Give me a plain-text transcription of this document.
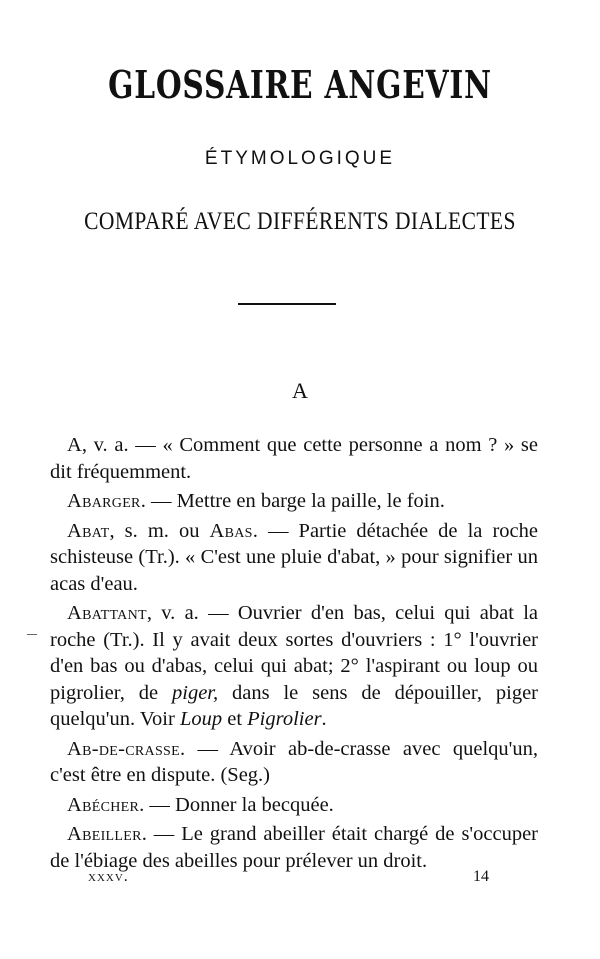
GLOSSAIRE ANGEVIN
ÉTYMOLOGIQUE
COMPARÉ AVEC DIFFÉRENTS DIALECTES
A

A, v. a. — « Comment que cette personne a nom ? » se dit fréquemment.

Abarger. — Mettre en barge la paille, le foin.

Abat, s. m. ou Abas. — Partie détachée de la roche schisteuse (Tr.). « C'est une pluie d'abat, » pour signifier un acas d'eau.

Abattant, v. a. — Ouvrier d'en bas, celui qui abat la roche (Tr.). Il y avait deux sortes d'ouvriers : 1° l'ouvrier d'en bas ou d'abas, celui qui abat; 2° l'aspirant ou loup ou pigrolier, de piger, dans le sens de dépouiller, piger quelqu'un. Voir Loup et Pigrolier.

Ab-de-crasse. — Avoir ab-de-crasse avec quelqu'un, c'est être en dispute. (Seg.)

Abécher. — Donner la becquée.

Abeiller. — Le grand abeiller était chargé de s'occuper de l'ébiage des abeilles pour prélever un droit.

xxxv.	14
